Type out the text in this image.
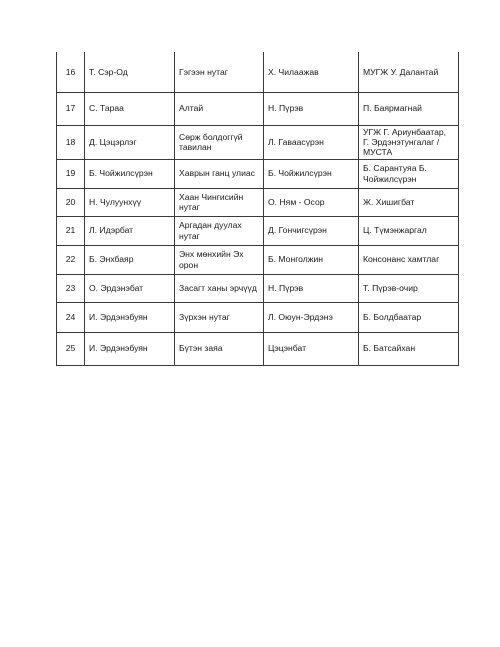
16	Т. Сэр-Од	Гэгээн нутаг	Х. Чилаажав	МУГЖ У. Далантай
17	С. Тараа	Алтай	Н. Пүрэв	П. Баярмагнай
18	Д. Цэцэрлэг	Сөрж болдоггүй тавилан	Л. Гаваасүрэн	УГЖ Г. Ариунбаатар, Г. Эрдэнэтунгалаг / МУСТА
19	Б. Чойжилсүрэн	Хаврын ганц улиас	Б. Чойжилсүрэн	Б. Сарантуяа Б. Чойжилсүрэн
20	Н. Чулуунхүү	Хаан Чингисийн нутаг	О. Ням - Осор	Ж. Хишигбат
21	Л. Идэрбат	Аргадан дуулах нутаг	Д. Гончигсүрэн	Ц. Түмэнжаргал
22	Б. Энхбаяр	Энх мөнхийн Эх орон	Б. Монголжин	Консонанс хамтлаг
23	О. Эрдэнэбат	Засагт ханы эрчүүд	Н. Пүрэв	Т. Пүрэв-очир
24	И. Эрдэнэбуян	Зүрхэн нутаг	Л. Оюун-Эрдэнэ	Б. Болдбаатар
25	И. Эрдэнэбуян	Бүтэн заяа	Цэцэнбат	Б. Батсайхан
